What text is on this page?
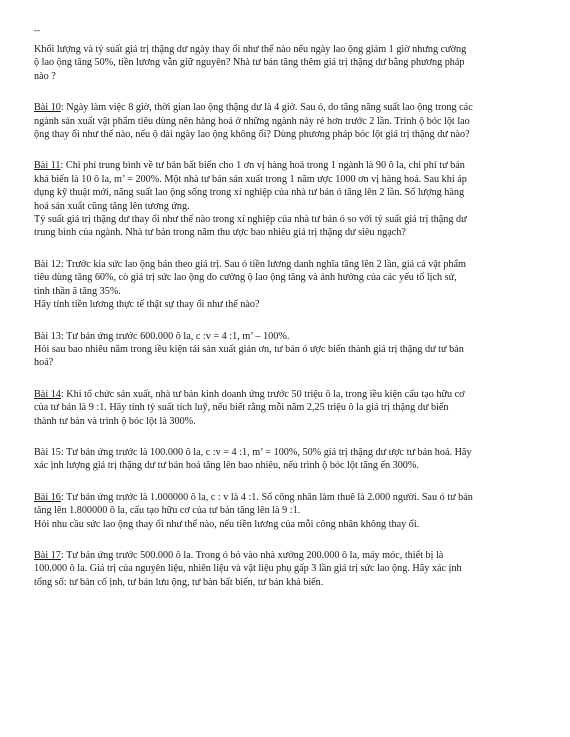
--
Khối lượng và tỷ suất giá trị thặng dư ngày thay ổi như thế nào nếu ngày lao ộng giảm 1 giờ nhưng cường
ộ lao ộng tăng 50%, tiền lương vẫn giữ nguyên? Nhà tư bản tăng thêm giá trị thặng dư bằng phương pháp
nào ?
Bài 10: Ngày làm việc 8 giờ, thời gian lao ộng thặng dư là 4 giờ. Sau ó, do tăng năng suất lao ộng trong các
ngành sản xuất vật phẩm tiêu dùng nên hàng hoá ở những ngành này rẻ hơn trước 2 lần. Trình ộ bóc lột lao
ộng thay ổi như thế nào, nếu ộ dài ngày lao ộng không ổi? Dùng phương pháp bóc lột giá trị thặng dư nào?
Bài 11: Chi phí trung bình về tư bản bất biến cho 1 ơn vị hàng hoá trong 1 ngành là 90 ô la, chi phí tư bản
khả biến là 10 ô la, m’ = 200%. Một nhà tư bản sản xuất trong 1 năm ược 1000 ơn vị hàng hoá. Sau khi áp
dụng kỹ thuật mới, năng suất lao ộng sống trong xí nghiệp của nhà tư bản ó tăng lên 2 lần. Số lượng hàng
hoá sản xuất cũng tăng lên tương ứng.
Tỷ suất giá trị thặng dư thay ổi như thế nào trong xí nghiệp của nhà tư bản ó so với tỷ suất giá trị thặng dư
trung bình của ngành. Nhà tư bản trong năm thu ược bao nhiêu giá trị thặng dư siêu ngạch?
Bài 12: Trước kia sức lao ộng bán theo giá trị. Sau ó tiền lương danh nghĩa tăng lên 2 lần, giá cả vật phẩm
tiêu dùng tăng 60%, cò giá trị sức lao ộng do cường ộ lao ộng tăng và ảnh hưởng của các yếu tố lịch sử,
tinh thần ã tăng 35%.
Hãy tính tiền lương thực tế thật sự thay ổi như thế nào?
Bài 13: Tư bản ứng trước 600.000 ô la, c :v = 4 :1, m’ – 100%.
Hỏi sau bao nhiêu năm trong iều kiện tái sản xuất giản ơn, tư bản ó ược biến thành giá trị thặng dư tư bản
hoá?
Bài 14: Khi tổ chức sản xuất, nhà tư bản kinh doanh ứng trước 50 triệu ô la, trong iều kiện cấu tạo hữu cơ
của tư bản là 9 :1. Hãy tính tỷ suất tích luỹ, nếu biết rằng mỗi năm 2,25 triệu ô la giá trị thặng dư biến
thành tư bản và trình ộ bóc lột là 300%.
Bài 15: Tư bản ứng trước là 100.000 ô la, c :v = 4 :1, m’ = 100%, 50% giá trị thặng dư ược tư bản hoá. Hãy
xác ịnh lượng giá trị thặng dư tư bản hoá tăng lên bao nhiêu, nếu trình ộ bóc lột tăng ến 300%.
Bài 16: Tư bản ứng trước là 1.000000 ô la, c : v là 4 :1. Số công nhân làm thuê là 2.000 người. Sau ó tư bản
tăng lên 1.800000 ô la, cấu tạo hữu cơ của tư bản tăng lên là 9 :1.
Hỏi nhu cầu sức lao ộng thay ổi như thế nào, nếu tiền lương của mỗi công nhân không thay ổi.
Bài 17: Tư bản ứng trước 500.000 ô la. Trong ó bỏ vào nhà xưởng 200.000 ô la, máy móc, thiết bị là
100.000 ô la. Giá trị của nguyên liệu, nhiên liệu và vật liệu phụ gấp 3 lần giá trị sức lao ộng. Hãy xác ịnh
tổng số: tư bản cố ịnh, tư bản lưu ộng, tư bản bất biến, tư bản khả biến.
